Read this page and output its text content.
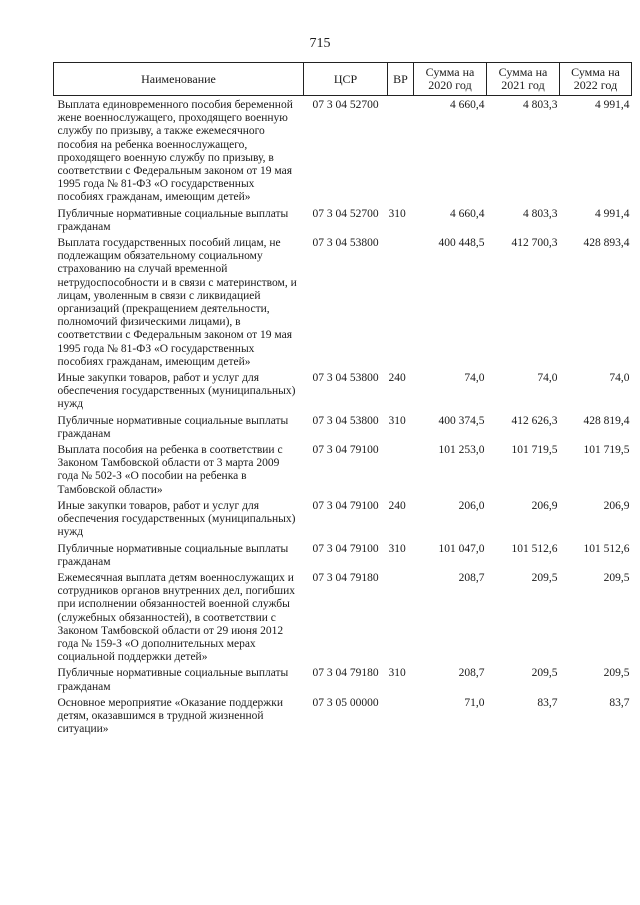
715
Наименование	ЦСР	ВР	Сумма на 2020 год	Сумма на 2021 год	Сумма на 2022 год
Выплата единовременного пособия беременной жене военнослужащего, проходящего военную службу по призыву, а также ежемесячного пособия на ребенка военнослужащего, проходящего военную службу по призыву, в соответствии с Федеральным законом от 19 мая 1995 года № 81-ФЗ «О государственных пособиях гражданам, имеющим детей»	07 3 04 52700		4 660,4	4 803,3	4 991,4
Публичные нормативные социальные выплаты гражданам	07 3 04 52700	310	4 660,4	4 803,3	4 991,4
Выплата государственных пособий лицам, не подлежащим обязательному социальному страхованию на случай временной нетрудоспособности и в связи с материнством, и лицам, уволенным в связи с ликвидацией организаций (прекращением деятельности, полномочий физическими лицами), в соответствии с Федеральным законом от 19 мая 1995 года № 81-ФЗ «О государственных пособиях гражданам, имеющим детей»	07 3 04 53800		400 448,5	412 700,3	428 893,4
Иные закупки товаров, работ и услуг для обеспечения государственных (муниципальных) нужд	07 3 04 53800	240	74,0	74,0	74,0
Публичные нормативные социальные выплаты гражданам	07 3 04 53800	310	400 374,5	412 626,3	428 819,4
Выплата пособия на ребенка в соответствии с Законом Тамбовской области от 3 марта 2009 года № 502-З «О пособии на ребенка в Тамбовской области»	07 3 04 79100		101 253,0	101 719,5	101 719,5
Иные закупки товаров, работ и услуг для обеспечения государственных (муниципальных) нужд	07 3 04 79100	240	206,0	206,9	206,9
Публичные нормативные социальные выплаты гражданам	07 3 04 79100	310	101 047,0	101 512,6	101 512,6
Ежемесячная выплата детям военнослужащих и сотрудников органов внутренних дел, погибших при исполнении обязанностей военной службы (служебных обязанностей), в соответствии с Законом Тамбовской области от 29 июня 2012 года № 159-З «О дополнительных мерах социальной поддержки детей»	07 3 04 79180		208,7	209,5	209,5
Публичные нормативные социальные выплаты гражданам	07 3 04 79180	310	208,7	209,5	209,5
Основное мероприятие «Оказание поддержки детям, оказавшимся в трудной жизненной ситуации»	07 3 05 00000		71,0	83,7	83,7
